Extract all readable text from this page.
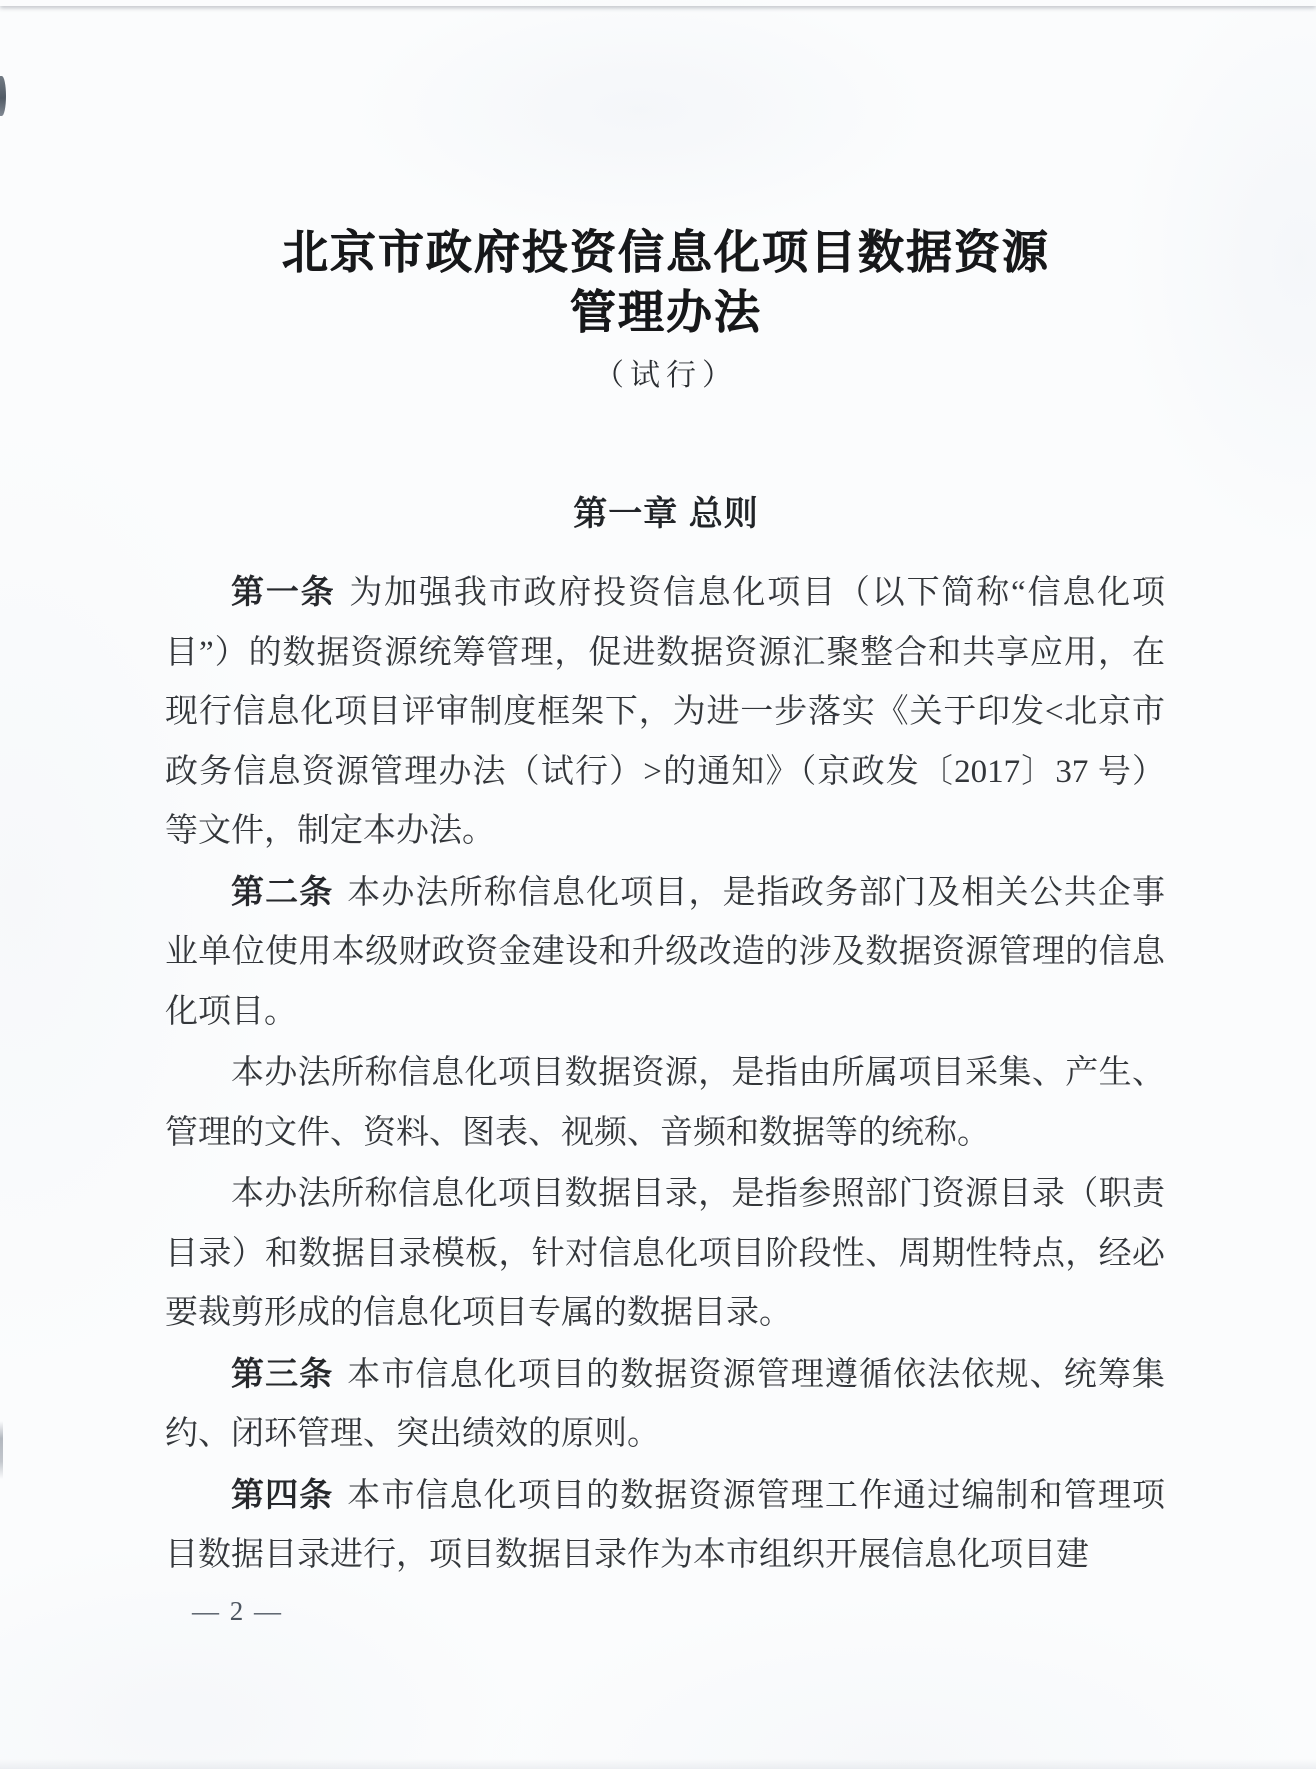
北京市政府投资信息化项目数据资源
管理办法
（试行）
第一章 总则

第一条 为加强我市政府投资信息化项目（以下简称“信息化项目”）的数据资源统筹管理，促进数据资源汇聚整合和共享应用，在现行信息化项目评审制度框架下，为进一步落实《关于印发<北京市政务信息资源管理办法（试行）>的通知》（京政发〔2017〕37 号）等文件，制定本办法。

第二条 本办法所称信息化项目，是指政务部门及相关公共企事业单位使用本级财政资金建设和升级改造的涉及数据资源管理的信息化项目。

本办法所称信息化项目数据资源，是指由所属项目采集、产生、管理的文件、资料、图表、视频、音频和数据等的统称。

本办法所称信息化项目数据目录，是指参照部门资源目录（职责目录）和数据目录模板，针对信息化项目阶段性、周期性特点，经必要裁剪形成的信息化项目专属的数据目录。

第三条 本市信息化项目的数据资源管理遵循依法依规、统筹集约、闭环管理、突出绩效的原则。

第四条 本市信息化项目的数据资源管理工作通过编制和管理项目数据目录进行，项目数据目录作为本市组织开展信息化项目建

— 2 —
